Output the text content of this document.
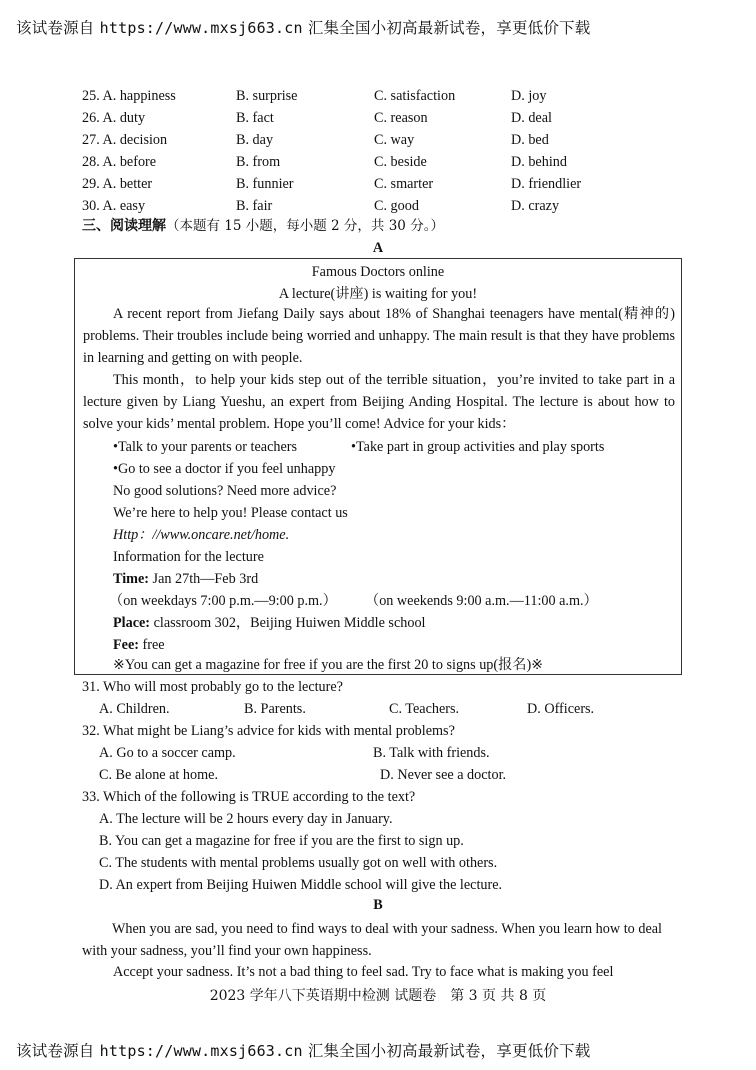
该试卷源自 https://www.mxsj663.cn 汇集全国小初高最新试卷，享更低价下载
25. A. happiness	B. surprise	C. satisfaction	D. joy
26. A. duty	B. fact	C. reason	D. deal
27. A. decision	B. day	C. way	D. bed
28. A. before	B. from	C. beside	D. behind
29. A. better	B. funnier	C. smarter	D. friendlier
30. A. easy	B. fair	C. good	D. crazy
三、阅读理解（本题有 15 小题，每小题 2 分，共 30 分。）
A
Famous Doctors online
A lecture(讲座) is waiting for you!
A recent report from Jiefang Daily says about 18% of Shanghai teenagers have mental(精神的) problems. Their troubles include being worried and unhappy. The main result is that they have problems in learning and getting on with people.
This month，to help your kids step out of the terrible situation，you’re invited to take part in a lecture given by Liang Yueshu, an expert from Beijing Anding Hospital. The lecture is about how to solve your kids’ mental problem. Hope you’ll come! Advice for your kids：
•Talk to your parents or teachers	•Take part in group activities and play sports
•Go to see a doctor if you feel unhappy
No good solutions? Need more advice?
We’re here to help you! Please contact us
Http：//www.oncare.net/home.
Information for the lecture
Time: Jan 27th—Feb 3rd
（on weekdays 7:00 p.m.—9:00 p.m.） （on weekends 9:00 a.m.—11:00 a.m.）
Place: classroom 302，Beijing Huiwen Middle school
Fee: free
※You can get a magazine for free if you are the first 20 to signs up(报名)※
31. Who will most probably go to the lecture?
A. Children.	B. Parents.	C. Teachers.	D. Officers.
32. What might be Liang’s advice for kids with mental problems?
A. Go to a soccer camp.	B. Talk with friends.
C. Be alone at home.	D. Never see a doctor.
33. Which of the following is TRUE according to the text?
A. The lecture will be 2 hours every day in January.
B. You can get a magazine for free if you are the first to sign up.
C. The students with mental problems usually got on well with others.
D. An expert from Beijing Huiwen Middle school will give the lecture.
B
When you are sad, you need to find ways to deal with your sadness. When you learn how to deal with your sadness, you’ll find your own happiness.
Accept your sadness. It’s not a bad thing to feel sad. Try to face what is making you feel
2023 学年八下英语期中检测 试题卷　第 3 页 共 8 页
该试卷源自 https://www.mxsj663.cn 汇集全国小初高最新试卷，享更低价下载
